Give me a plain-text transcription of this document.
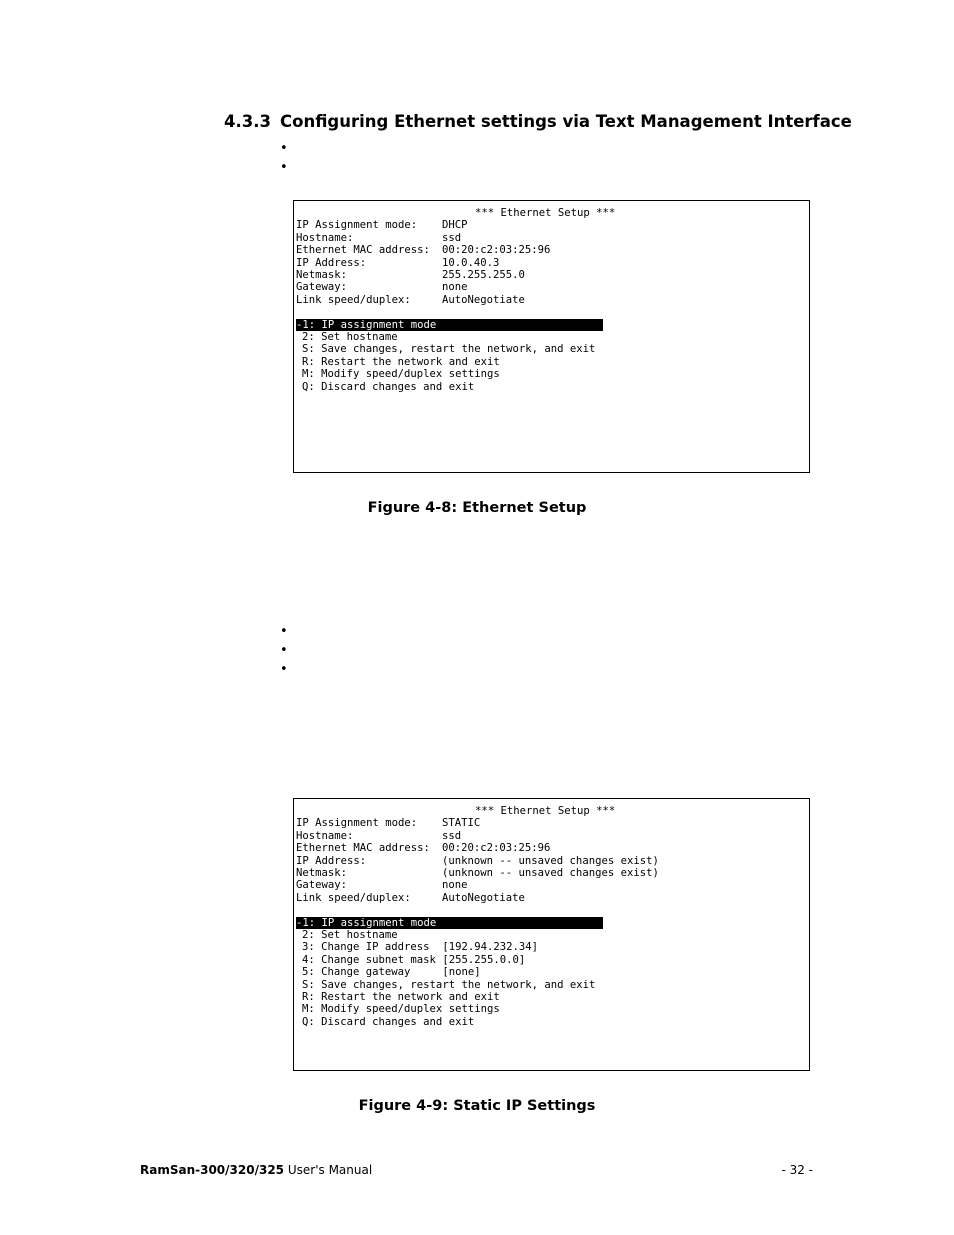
4.3.3 Configuring Ethernet settings via Text Management Interface
*** Ethernet Setup ***
IP Assignment mode:	DHCP
Hostname:	ssd
Ethernet MAC address:	00:20:c2:03:25:96
IP Address:	10.0.40.3
Netmask:	255.255.255.0
Gateway:	none
Link speed/duplex:	AutoNegotiate
-1: IP assignment mode
2: Set hostname
S: Save changes, restart the network, and exit
R: Restart the network and exit
M: Modify speed/duplex settings
Q: Discard changes and exit
Figure 4-8: Ethernet Setup
*** Ethernet Setup ***
IP Assignment mode:	STATIC
Hostname:	ssd
Ethernet MAC address:	00:20:c2:03:25:96
IP Address:	(unknown -- unsaved changes exist)
Netmask:	(unknown -- unsaved changes exist)
Gateway:	none
Link speed/duplex:	AutoNegotiate
-1: IP assignment mode
2: Set hostname
3: Change IP address  [192.94.232.34]
4: Change subnet mask [255.255.0.0]
5: Change gateway     [none]
S: Save changes, restart the network, and exit
R: Restart the network and exit
M: Modify speed/duplex settings
Q: Discard changes and exit
Figure 4-9: Static IP Settings
RamSan-300/320/325 User's Manual	- 32 -
